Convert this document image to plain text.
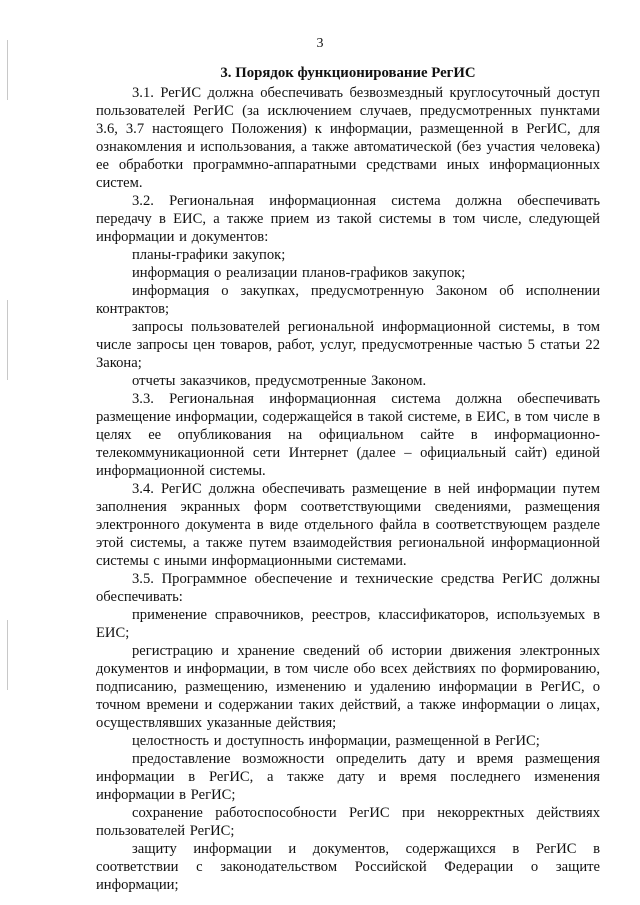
3

3. Порядок функционирование РегИС

3.1. РегИС должна обеспечивать безвозмездный круглосуточный доступ пользователей РегИС (за исключением случаев, предусмотренных пунктами 3.6, 3.7 настоящего Положения) к информации, размещенной в РегИС, для ознакомления и использования, а также автоматической (без участия человека) ее обработки программно-аппаратными средствами иных информационных систем.

3.2. Региональная информационная система должна обеспечивать передачу в ЕИС, а также прием из такой системы в том числе, следующей информации и документов:

планы-графики закупок;

информация о реализации планов-графиков закупок;

информация о закупках, предусмотренную Законом об исполнении контрактов;

запросы пользователей региональной информационной системы, в том числе запросы цен товаров, работ, услуг, предусмотренные частью 5 статьи 22 Закона;

отчеты заказчиков, предусмотренные Законом.

3.3. Региональная информационная система должна обеспечивать размещение информации, содержащейся в такой системе, в ЕИС, в том числе в целях ее опубликования на официальном сайте в информационно-телекоммуникационной сети Интернет (далее – официальный сайт) единой информационной системы.

3.4. РегИС должна обеспечивать размещение в ней информации путем заполнения экранных форм соответствующими сведениями, размещения электронного документа в виде отдельного файла в соответствующем разделе этой системы, а также путем взаимодействия региональной информационной системы с иными информационными системами.

3.5. Программное обеспечение и технические средства РегИС должны обеспечивать:

применение справочников, реестров, классификаторов, используемых в ЕИС;

регистрацию и хранение сведений об истории движения электронных документов и информации, в том числе обо всех действиях по формированию, подписанию, размещению, изменению и удалению информации в РегИС, о точном времени и содержании таких действий, а также информации о лицах, осуществлявших указанные действия;

целостность и доступность информации, размещенной в РегИС;

предоставление возможности определить дату и время размещения информации в РегИС, а также дату и время последнего изменения информации в РегИС;

сохранение работоспособности РегИС при некорректных действиях пользователей РегИС;

защиту информации и документов, содержащихся в РегИС в соответствии с законодательством Российской Федерации о защите информации;
